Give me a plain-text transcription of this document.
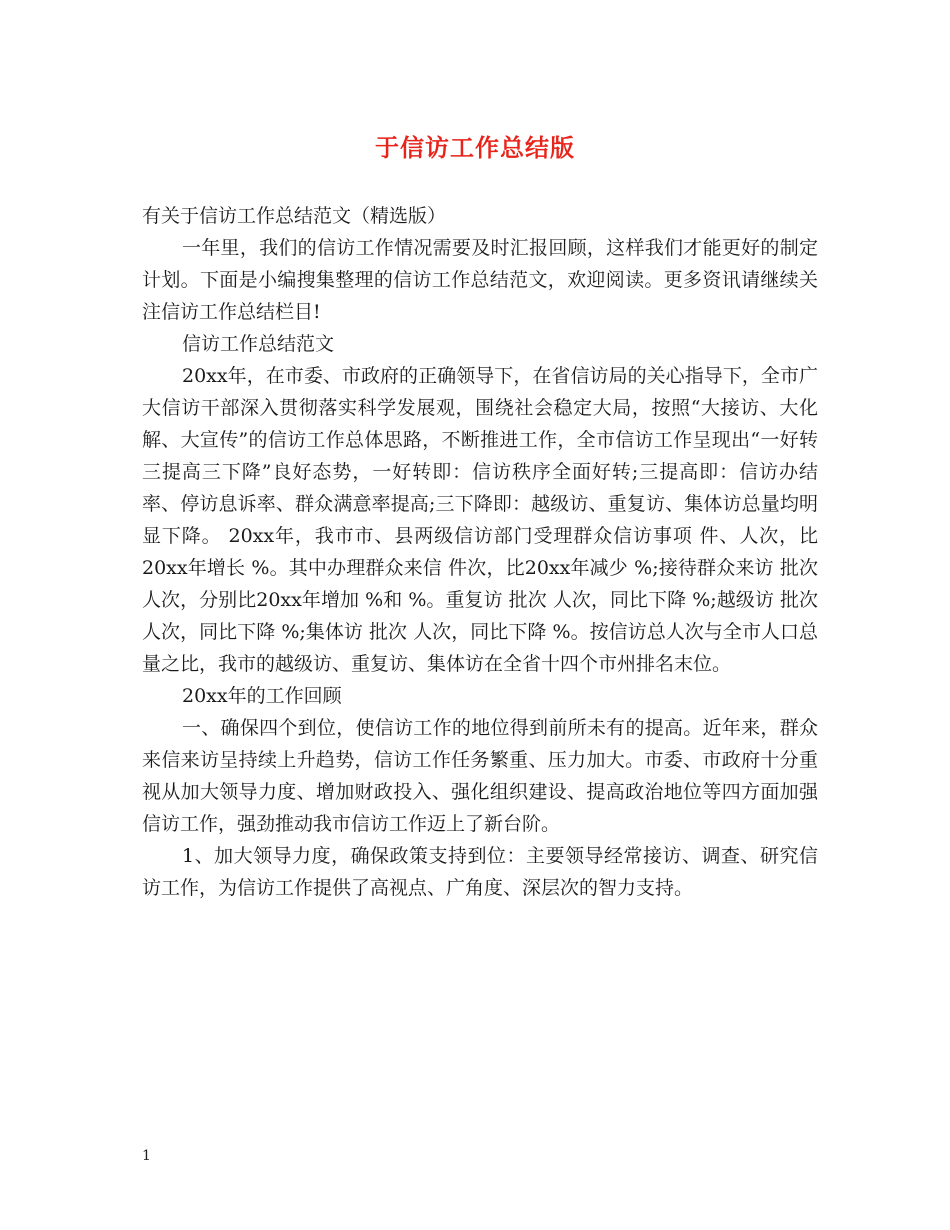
于信访工作总结版

有关于信访工作总结范文（精选版）

一年里，我们的信访工作情况需要及时汇报回顾，这样我们才能更好的制定计划。下面是小编搜集整理的信访工作总结范文，欢迎阅读。更多资讯请继续关注信访工作总结栏目!

信访工作总结范文

20xx年，在市委、市政府的正确领导下，在省信访局的关心指导下，全市广大信访干部深入贯彻落实科学发展观，围绕社会稳定大局，按照“大接访、大化解、大宣传”的信访工作总体思路，不断推进工作，全市信访工作呈现出“一好转三提高三下降”良好态势，一好转即：信访秩序全面好转;三提高即：信访办结率、停访息诉率、群众满意率提高;三下降即：越级访、重复访、集体访总量均明显下降。 20xx年，我市市、县两级信访部门受理群众信访事项 件、人次，比20xx年增长 %。其中办理群众来信 件次，比20xx年减少 %;接待群众来访 批次 人次，分别比20xx年增加 %和 %。重复访 批次 人次，同比下降 %;越级访 批次 人次，同比下降 %;集体访 批次 人次，同比下降 %。按信访总人次与全市人口总量之比，我市的越级访、重复访、集体访在全省十四个市州排名末位。

20xx年的工作回顾

一、确保四个到位，使信访工作的地位得到前所未有的提高。近年来，群众来信来访呈持续上升趋势，信访工作任务繁重、压力加大。市委、市政府十分重视从加大领导力度、增加财政投入、强化组织建设、提高政治地位等四方面加强信访工作，强劲推动我市信访工作迈上了新台阶。

1、加大领导力度，确保政策支持到位：主要领导经常接访、调查、研究信访工作，为信访工作提供了高视点、广角度、深层次的智力支持。

1
